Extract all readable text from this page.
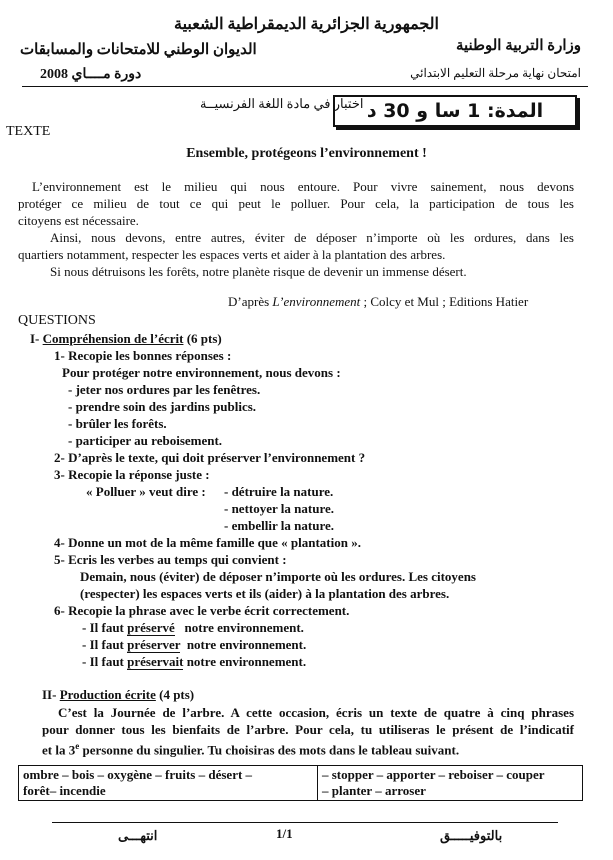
الجمهورية الجزائرية الديمقراطية الشعبية
وزارة التربية الوطنية
الديوان الوطني للامتحانات والمسابقات
امتحان نهاية مرحلة التعليم الابتدائي
دورة مــــاي 2008
اختبار في مادة اللغة الفرنسيــة المدة: 1 سا و 30 د
TEXTE
Ensemble, protégeons l’environnement !
L’environnement est le milieu qui nous entoure. Pour vivre sainement, nous devons
protéger ce milieu de tout ce qui peut le polluer. Pour cela, la participation de tous les
citoyens est nécessaire.
Ainsi, nous devons, entre autres, éviter de déposer n’importe où les ordures, dans les
quartiers notamment, respecter les espaces verts et aider à la plantation des arbres.
Si nous détruisons les forêts, notre planète risque de devenir un immense désert.
D’après L’environnement ; Colcy et Mul ; Editions Hatier
QUESTIONS
I- Compréhension de l’écrit (6 pts)
1- Recopie les bonnes réponses :
Pour protéger notre environnement, nous devons :
- jeter nos ordures par les fenêtres.
- prendre soin des jardins publics.
- brûler les forêts.
- participer au reboisement.
2- D’après le texte, qui doit préserver l’environnement ?
3- Recopie la réponse juste :
« Polluer » veut dire : - détruire la nature.
- nettoyer la nature.
- embellir la nature.
4- Donne un mot de la même famille que « plantation ».
5- Ecris les verbes au temps qui convient :
Demain, nous (éviter) de déposer n’importe où les ordures. Les citoyens
(respecter) les espaces verts et ils (aider) à la plantation des arbres.
6- Recopie la phrase avec le verbe écrit correctement.
- Il faut préservé   notre environnement.
- Il faut préserver  notre environnement.
- Il faut préservait notre environnement.
II- Production écrite (4 pts)
C’est la Journée de l’arbre. A cette occasion, écris un texte de quatre à cinq phrases
pour donner tous les bienfaits de l’arbre. Pour cela, tu utiliseras le présent de l’indicatif
et la 3e personne du singulier. Tu choisiras des mots dans le tableau suivant.
ombre – bois – oxygène – fruits – désert –
forêt– incendie

– stopper – apporter – reboiser – couper
– planter – arroser
انتهـــى	1/1	بالتوفيـــــق
